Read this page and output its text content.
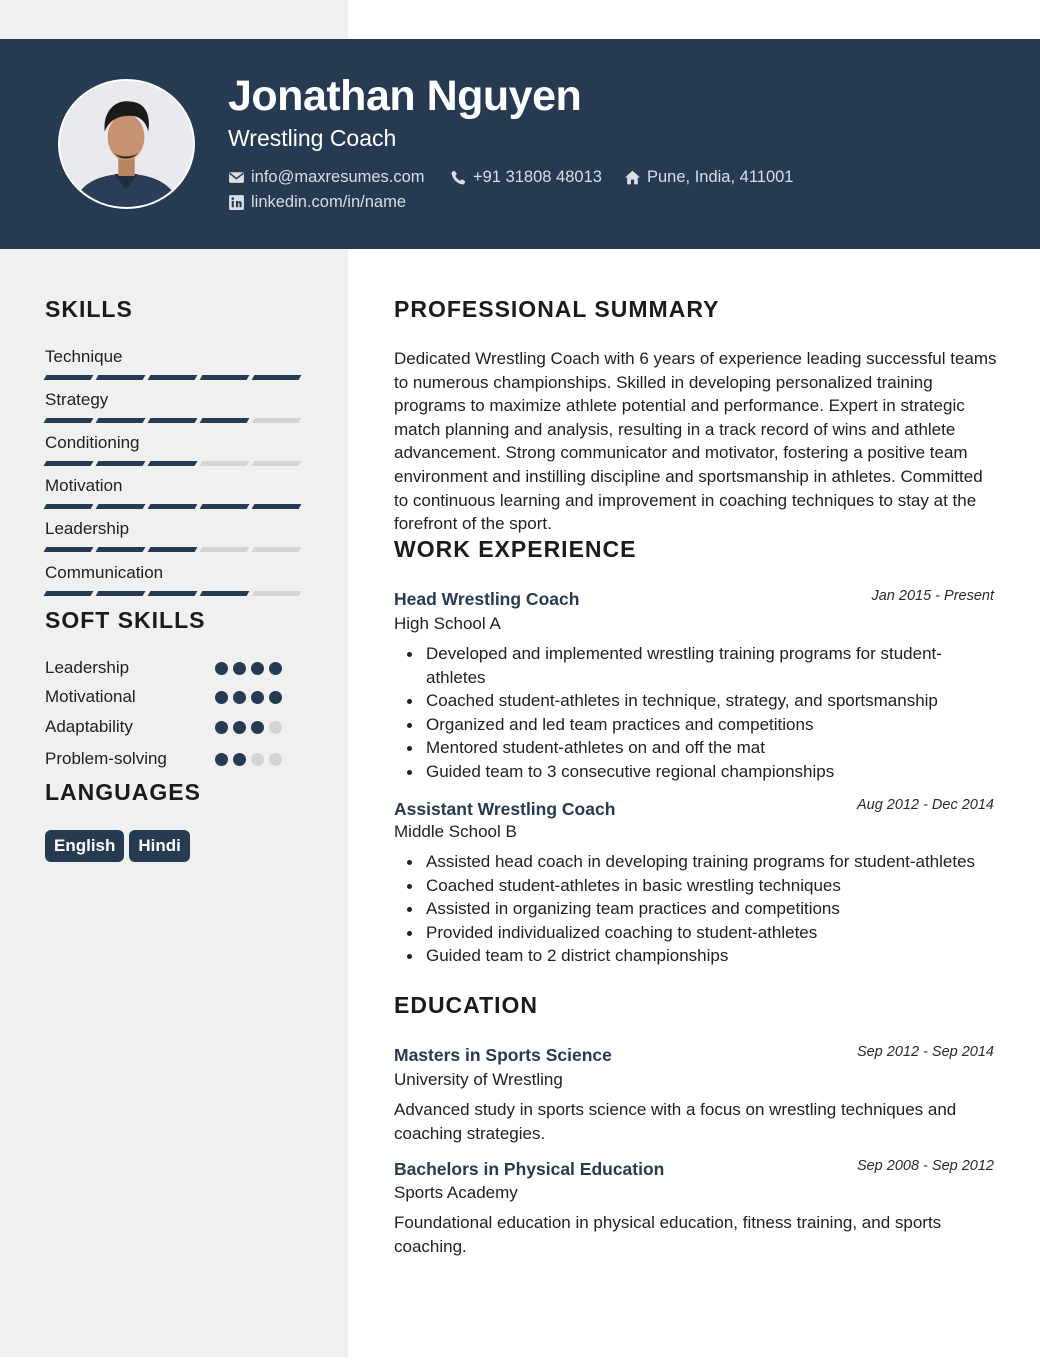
Jonathan Nguyen
Wrestling Coach
info@maxresumes.com	+91 31808 48013	Pune, India, 411001
linkedin.com/in/name
SKILLS
Technique
Strategy
Conditioning
Motivation
Leadership
Communication
SOFT SKILLS
Leadership
Motivational
Adaptability
Problem-solving
LANGUAGES
English	Hindi
PROFESSIONAL SUMMARY
Dedicated Wrestling Coach with 6 years of experience leading successful teams to numerous championships. Skilled in developing personalized training programs to maximize athlete potential and performance. Expert in strategic match planning and analysis, resulting in a track record of wins and athlete advancement. Strong communicator and motivator, fostering a positive team environment and instilling discipline and sportsmanship in athletes. Committed to continuous learning and improvement in coaching techniques to stay at the forefront of the sport.
WORK EXPERIENCE
Head Wrestling Coach	Jan 2015 - Present
High School A
Developed and implemented wrestling training programs for student-athletes
Coached student-athletes in technique, strategy, and sportsmanship
Organized and led team practices and competitions
Mentored student-athletes on and off the mat
Guided team to 3 consecutive regional championships
Assistant Wrestling Coach	Aug 2012 - Dec 2014
Middle School B
Assisted head coach in developing training programs for student-athletes
Coached student-athletes in basic wrestling techniques
Assisted in organizing team practices and competitions
Provided individualized coaching to student-athletes
Guided team to 2 district championships
EDUCATION
Masters in Sports Science	Sep 2012 - Sep 2014
University of Wrestling
Advanced study in sports science with a focus on wrestling techniques and coaching strategies.
Bachelors in Physical Education	Sep 2008 - Sep 2012
Sports Academy
Foundational education in physical education, fitness training, and sports coaching.
